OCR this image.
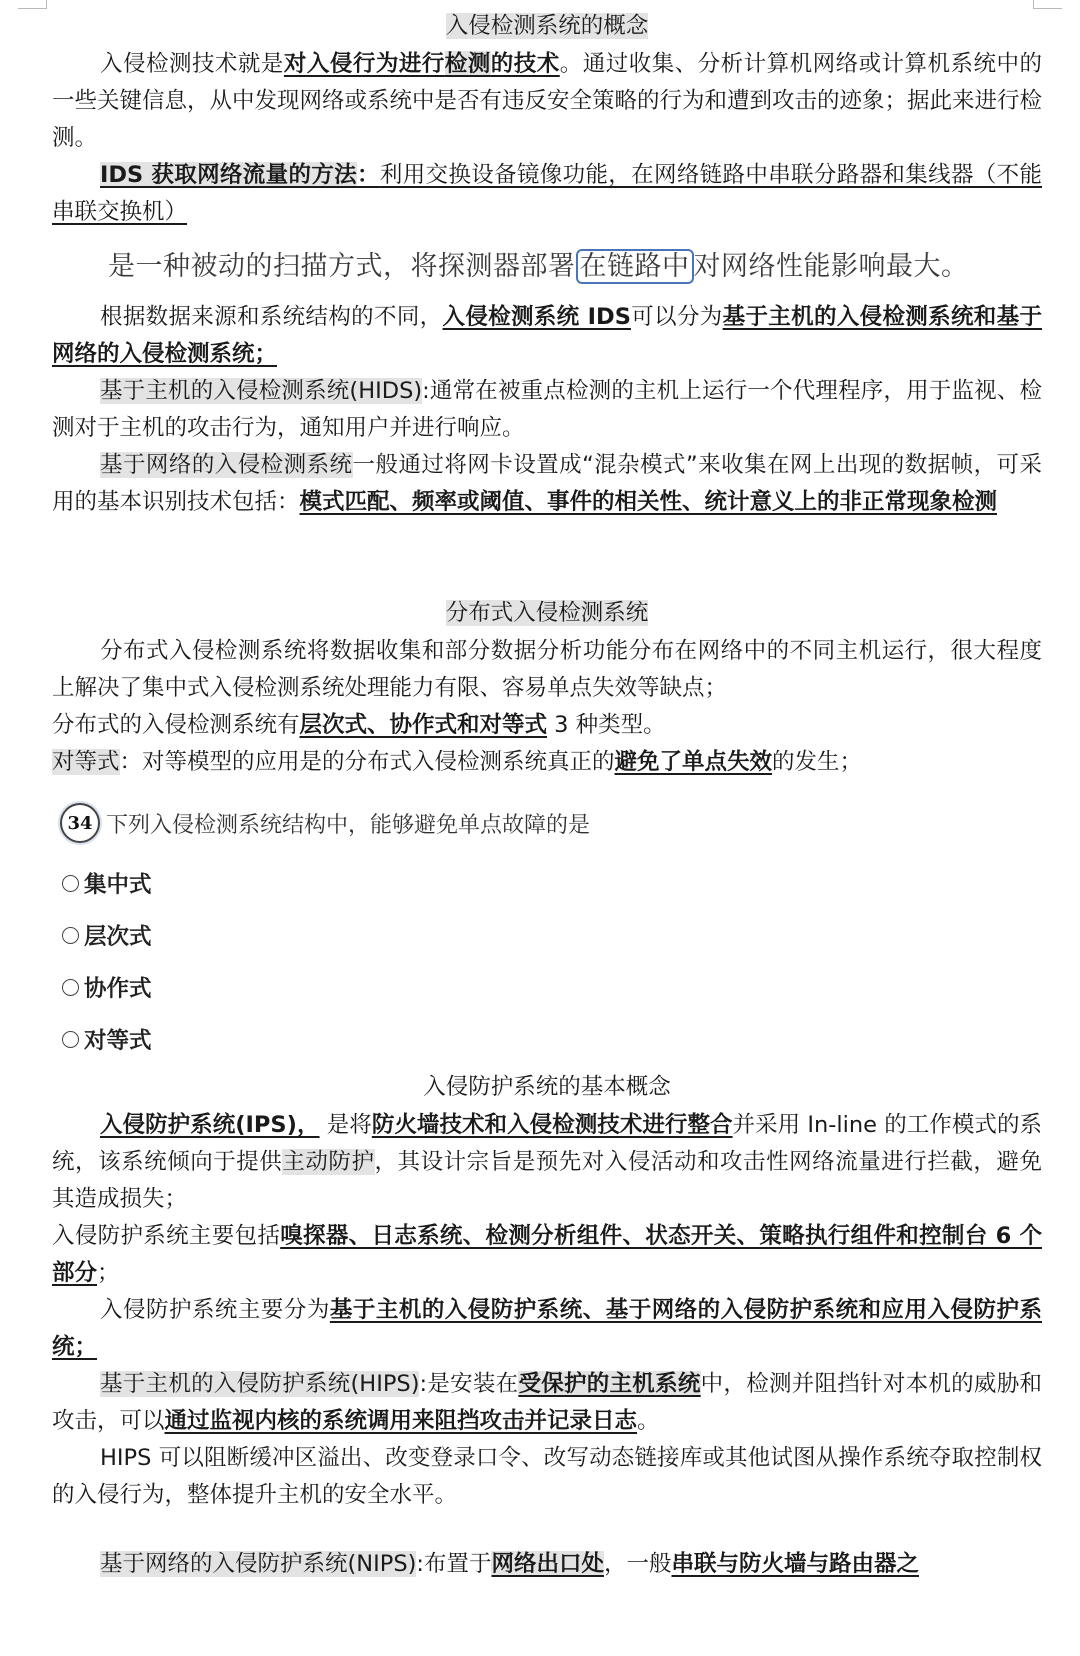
入侵检测系统的概念

入侵检测技术就是对入侵行为进行检测的技术。通过收集、分析计算机网络或计算机系统中的一些关键信息，从中发现网络或系统中是否有违反安全策略的行为和遭到攻击的迹象；据此来进行检测。

IDS 获取网络流量的方法：利用交换设备镜像功能，在网络链路中串联分路器和集线器（不能串联交换机）

是一种被动的扫描方式，将探测器部署 在链路中 对网络性能影响最大。

根据数据来源和系统结构的不同，入侵检测系统 IDS可以分为基于主机的入侵检测系统和基于网络的入侵检测系统；

基于主机的入侵检测系统(HIDS):通常在被重点检测的主机上运行一个代理程序，用于监视、检测对于主机的攻击行为，通知用户并进行响应。

基于网络的入侵检测系统一般通过将网卡设置成“混杂模式”来收集在网上出现的数据帧，可采用的基本识别技术包括：模式匹配、频率或阈值、事件的相关性、统计意义上的非正常现象检测

分布式入侵检测系统

分布式入侵检测系统将数据收集和部分数据分析功能分布在网络中的不同主机运行，很大程度上解决了集中式入侵检测系统处理能力有限、容易单点失效等缺点；

分布式的入侵检测系统有层次式、协作式和对等式 3 种类型。

对等式：对等模型的应用是的分布式入侵检测系统真正的避免了单点失效的发生；

34 下列入侵检测系统结构中，能够避免单点故障的是
集中式
层次式
协作式
对等式

入侵防护系统的基本概念

入侵防护系统(IPS)， 是将防火墙技术和入侵检测技术进行整合并采用 In-line 的工作模式的系统，该系统倾向于提供主动防护，其设计宗旨是预先对入侵活动和攻击性网络流量进行拦截，避免其造成损失；

入侵防护系统主要包括嗅探器、日志系统、检测分析组件、状态开关、策略执行组件和控制台 6 个部分；

入侵防护系统主要分为基于主机的入侵防护系统、基于网络的入侵防护系统和应用入侵防护系统；

基于主机的入侵防护系统(HIPS):是安装在受保护的主机系统中，检测并阻挡针对本机的威胁和攻击，可以通过监视内核的系统调用来阻挡攻击并记录日志。

HIPS 可以阻断缓冲区溢出、改变登录口令、改写动态链接库或其他试图从操作系统夺取控制权的入侵行为，整体提升主机的安全水平。

基于网络的入侵防护系统(NIPS):布置于网络出口处，一般串联与防火墙与路由器之
